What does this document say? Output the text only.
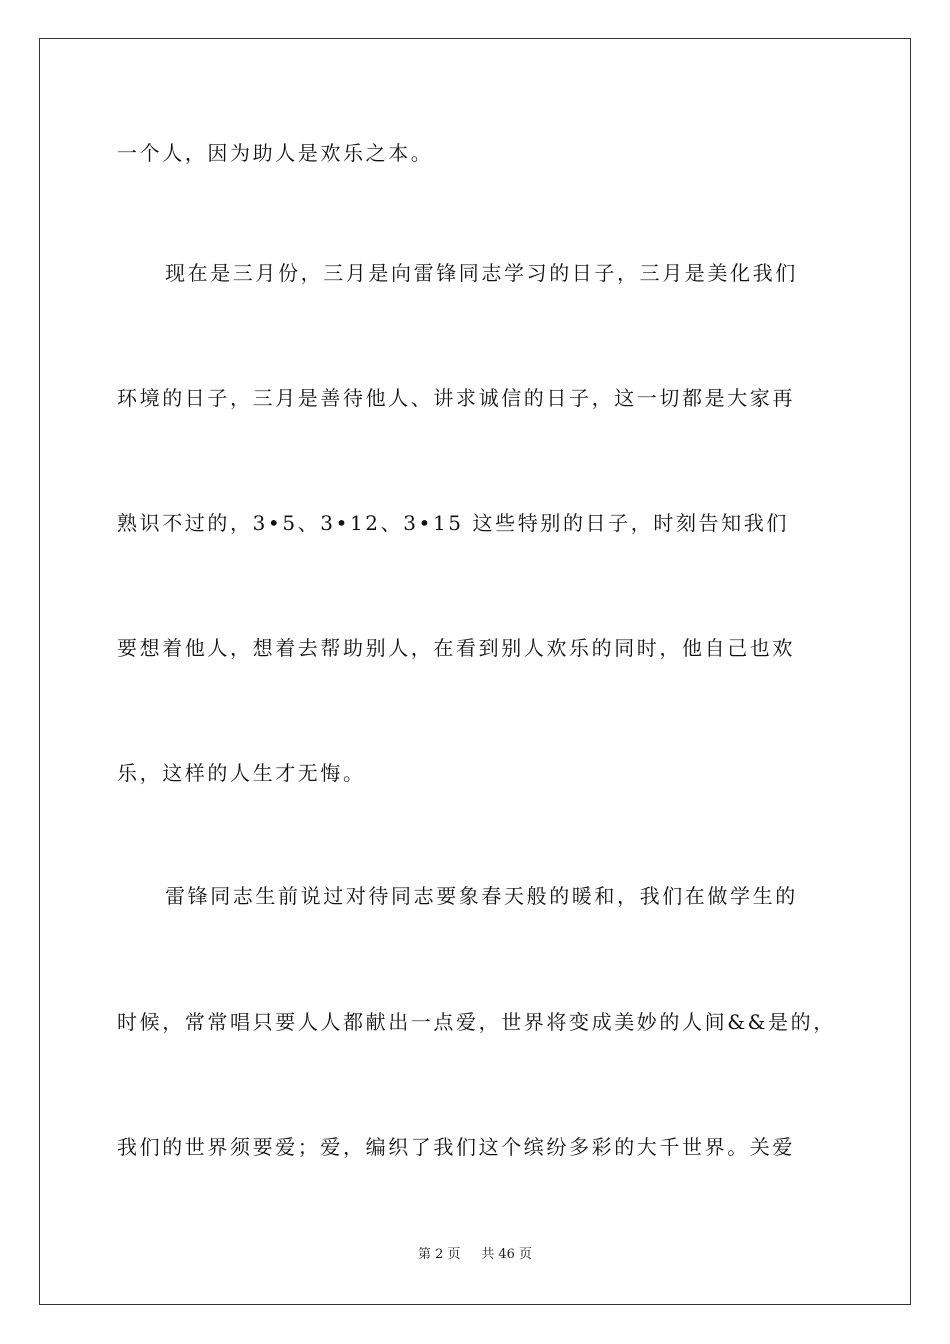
一个人，因为助人是欢乐之本。
现在是三月份，三月是向雷锋同志学习的日子，三月是美化我们
环境的日子，三月是善待他人、讲求诚信的日子，这一切都是大家再
熟识不过的，3•5、3•12、3•15 这些特别的日子，时刻告知我们
要想着他人，想着去帮助别人，在看到别人欢乐的同时，他自己也欢
乐，这样的人生才无悔。
雷锋同志生前说过对待同志要象春天般的暖和，我们在做学生的
时候，常常唱只要人人都献出一点爱，世界将变成美妙的人间&&是的，
我们的世界须要爱；爱，编织了我们这个缤纷多彩的大千世界。关爱
第 2 页 共 46 页
